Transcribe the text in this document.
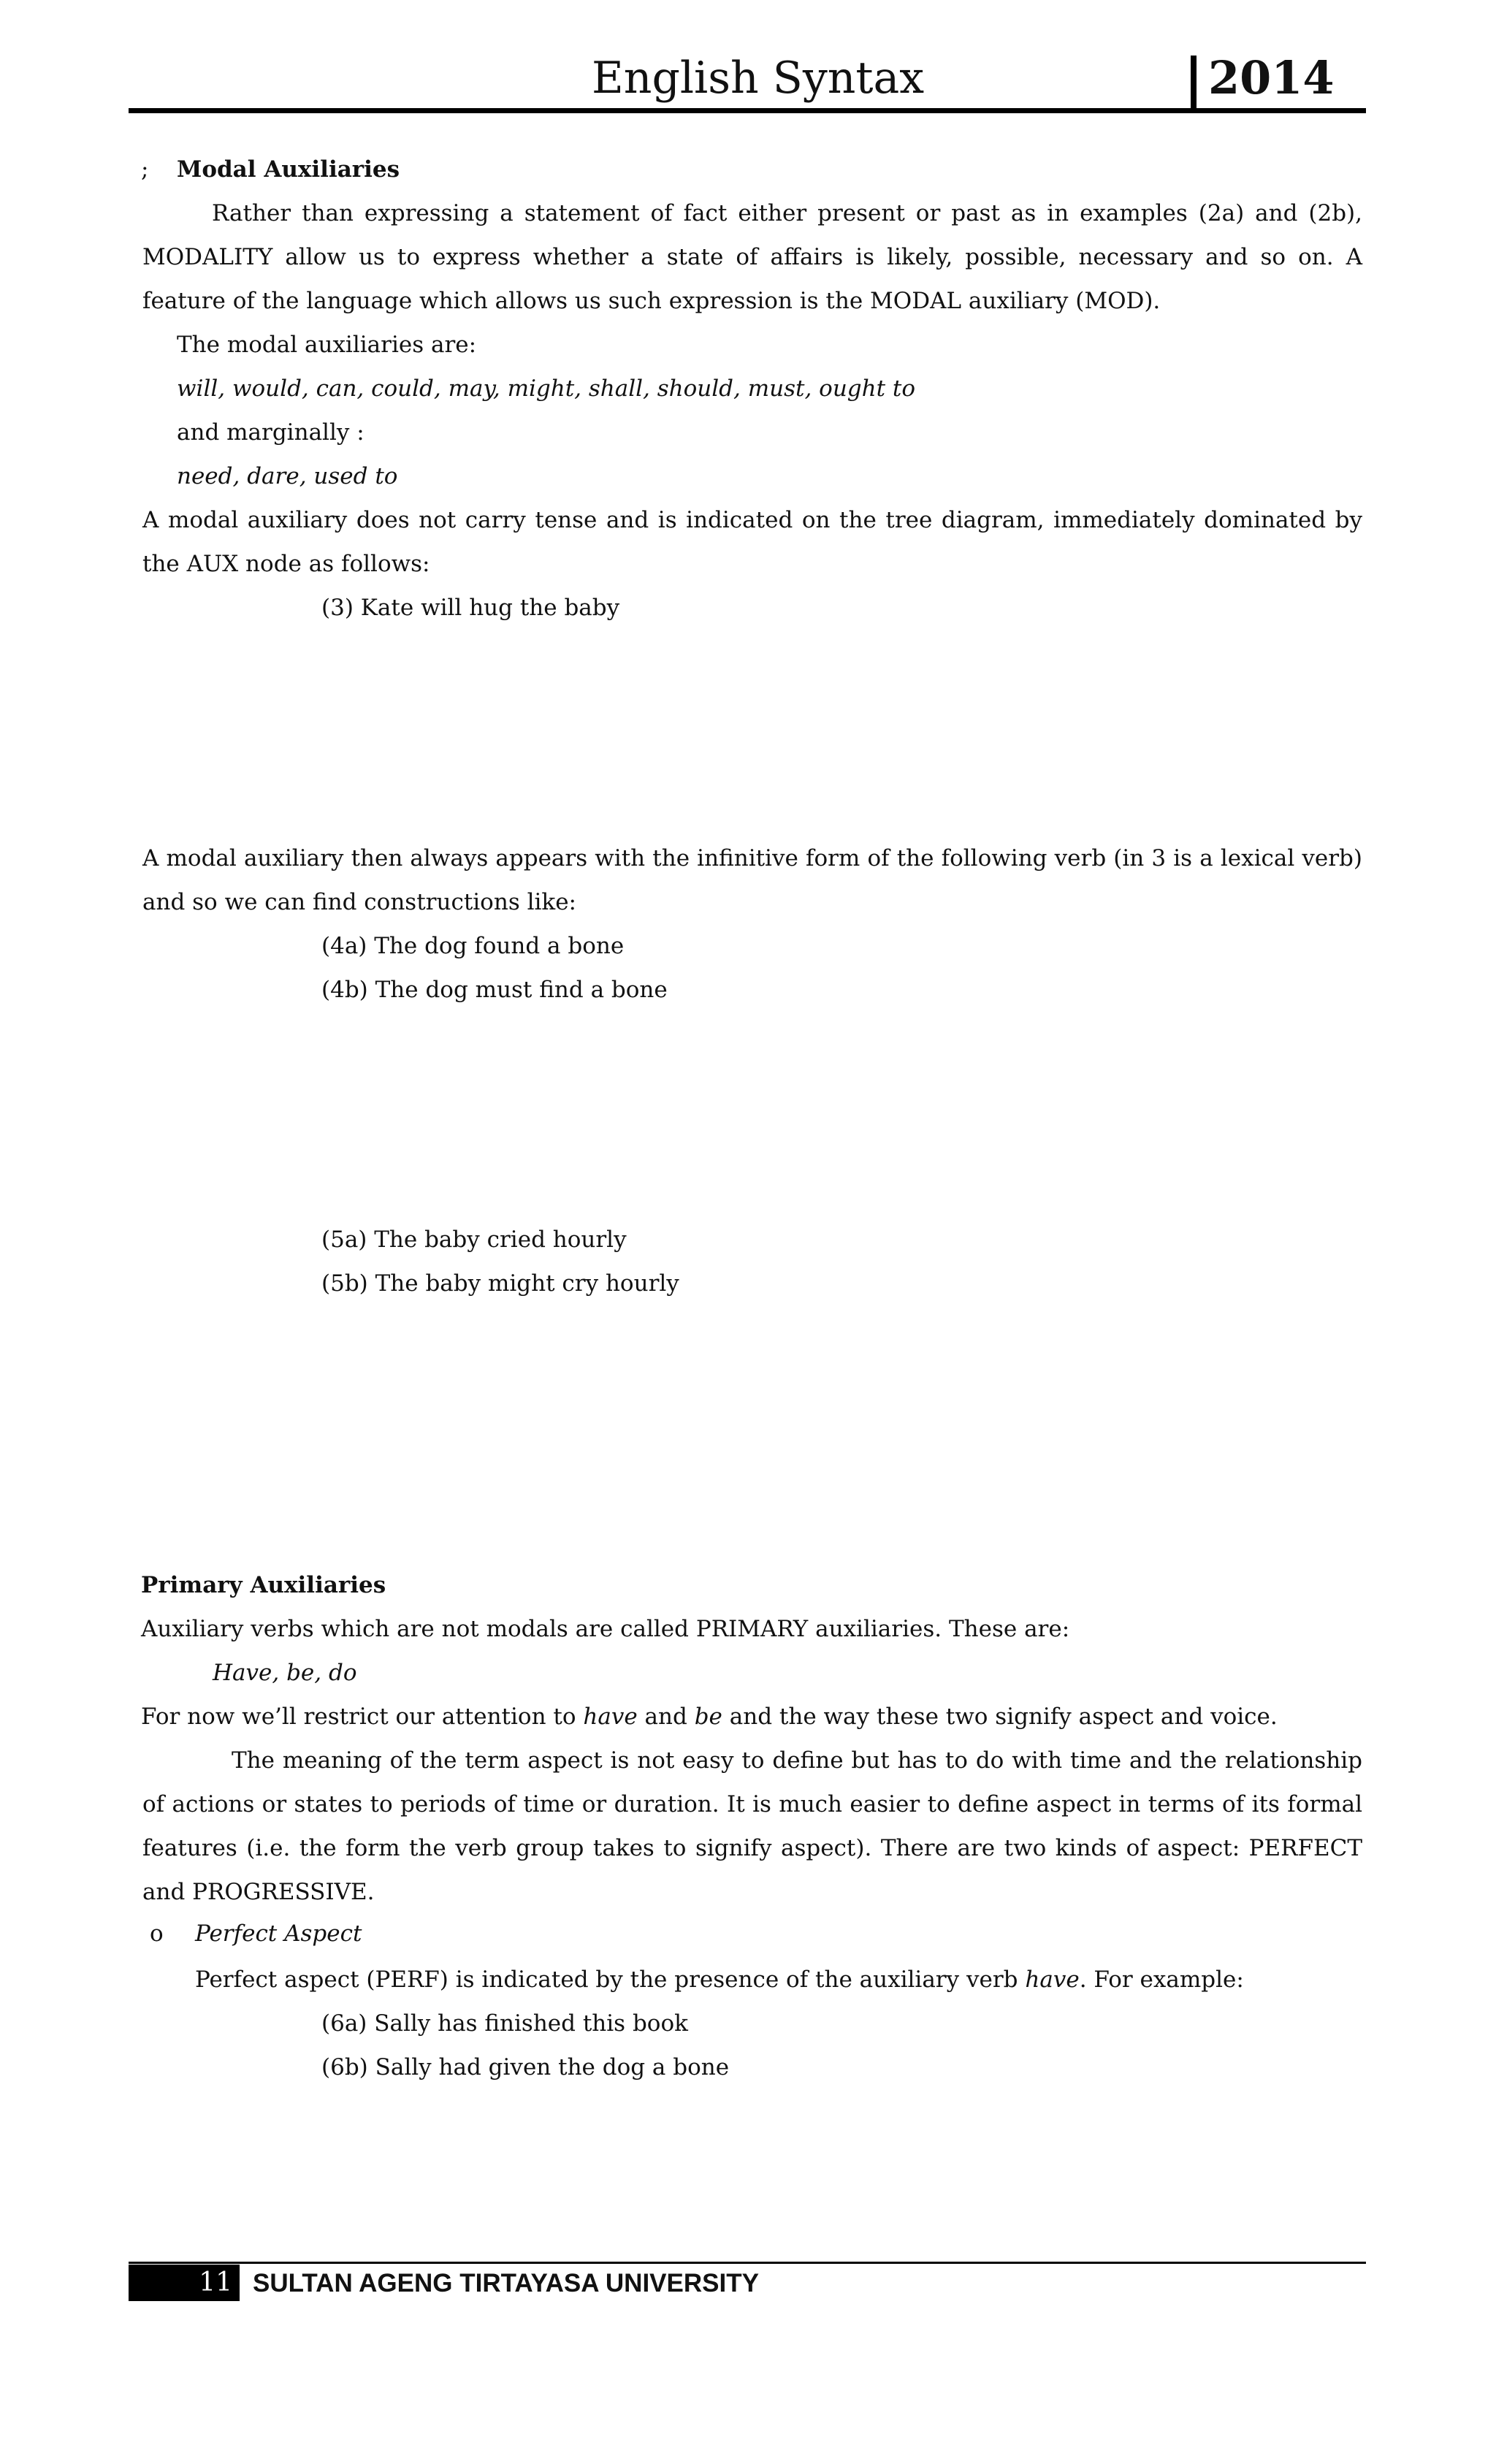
English Syntax	2014
; Modal Auxiliaries
Rather than expressing a statement of fact either present or past as in examples (2a) and (2b), MODALITY allow us to express whether a state of affairs is likely, possible, necessary and so on. A feature of the language which allows us such expression is the MODAL auxiliary (MOD).
The modal auxiliaries are:
will, would, can, could, may, might, shall, should, must, ought to
and marginally :
need, dare, used to
A modal auxiliary does not carry tense and is indicated on the tree diagram, immediately dominated by the AUX node as follows:
(3) Kate will hug the baby
A modal auxiliary then always appears with the infinitive form of the following verb (in 3 is a lexical verb) and so we can find constructions like:
(4a) The dog found a bone
(4b) The dog must find a bone
(5a) The baby cried hourly
(5b) The baby might cry hourly
Primary Auxiliaries
Auxiliary verbs which are not modals are called PRIMARY auxiliaries. These are:
Have, be, do
For now we’ll restrict our attention to have and be and the way these two signify aspect and voice.
The meaning of the term aspect is not easy to define but has to do with time and the relationship of actions or states to periods of time or duration. It is much easier to define aspect in terms of its formal features (i.e. the form the verb group takes to signify aspect). There are two kinds of aspect: PERFECT and PROGRESSIVE.
o Perfect Aspect
Perfect aspect (PERF) is indicated by the presence of the auxiliary verb have. For example:
(6a) Sally has finished this book
(6b) Sally had given the dog a bone
11 SULTAN AGENG TIRTAYASA UNIVERSITY
